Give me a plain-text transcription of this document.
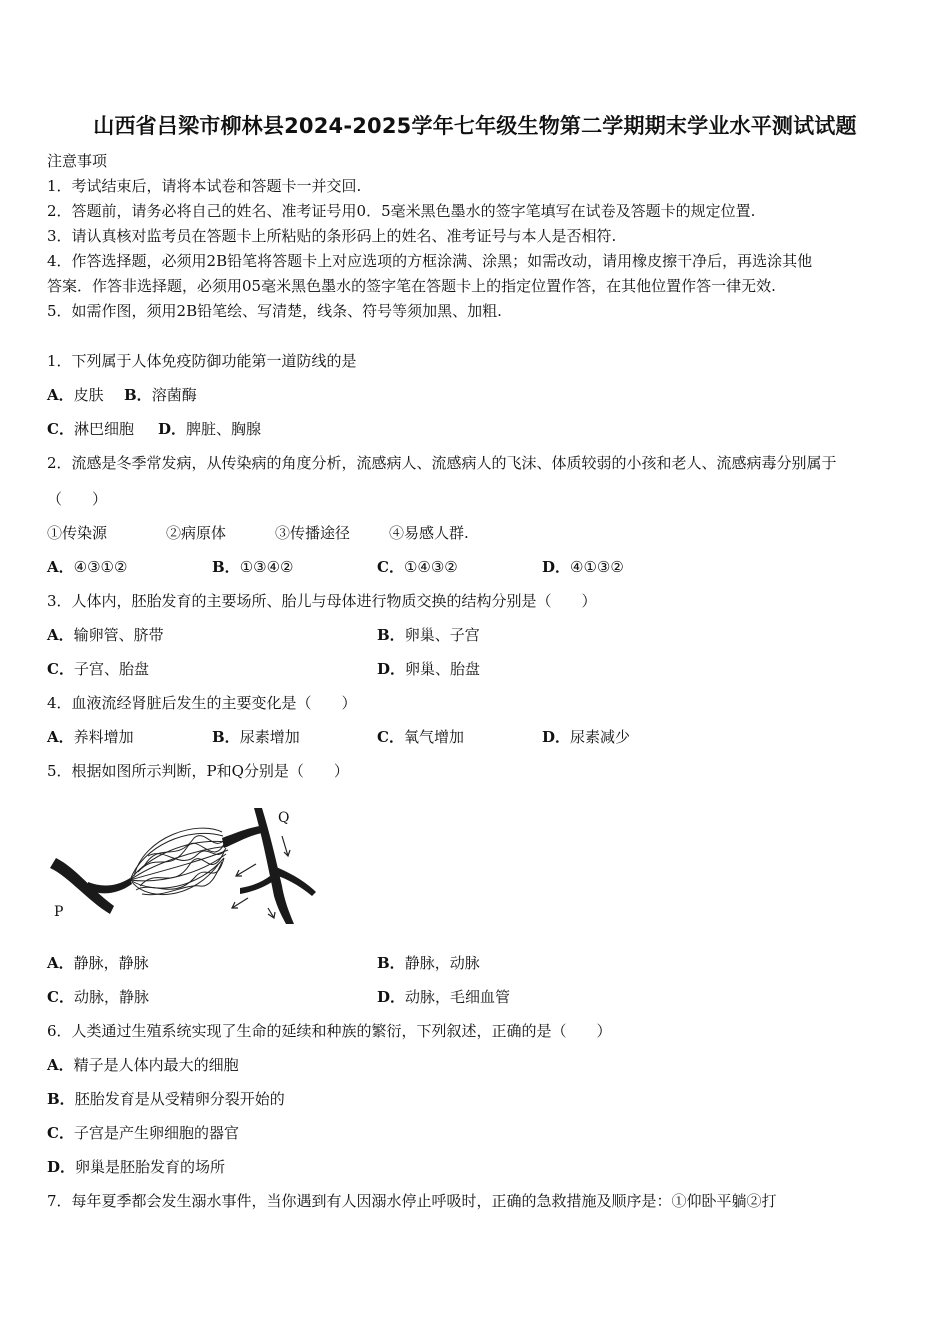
山西省吕梁市柳林县2024-2025学年七年级生物第二学期期末学业水平测试试题
注意事项
1．考试结束后，请将本试卷和答题卡一并交回.
2．答题前，请务必将自己的姓名、准考证号用0．5毫米黑色墨水的签字笔填写在试卷及答题卡的规定位置.
3．请认真核对监考员在答题卡上所粘贴的条形码上的姓名、准考证号与本人是否相符.
4．作答选择题，必须用2B铅笔将答题卡上对应选项的方框涂满、涂黑；如需改动，请用橡皮擦干净后，再选涂其他
答案．作答非选择题，必须用05毫米黑色墨水的签字笔在答题卡上的指定位置作答，在其他位置作答一律无效.
5．如需作图，须用2B铅笔绘、写清楚，线条、符号等须加黑、加粗.
1．下列属于人体免疫防御功能第一道防线的是
A．皮肤 B．溶菌酶
C．淋巴细胞 D．脾脏、胸腺
2．流感是冬季常发病，从传染病的角度分析，流感病人、流感病人的飞沫、体质较弱的小孩和老人、流感病毒分别属于
（　　）
①传染源	②病原体	③传播途径	④易感人群.
A．④③①②	B．①③④②	C．①④③②	D．④①③②
3．人体内，胚胎发育的主要场所、胎儿与母体进行物质交换的结构分别是（　　）
A．输卵管、脐带	B．卵巢、子宫
C．子宫、胎盘	D．卵巢、胎盘
4．血液流经肾脏后发生的主要变化是（　　）
A．养料增加	B．尿素增加	C．氧气增加	D．尿素减少
5．根据如图所示判断，P和Q分别是（　　）
P
Q
A．静脉，静脉	B．静脉，动脉
C．动脉，静脉	D．动脉，毛细血管
6．人类通过生殖系统实现了生命的延续和种族的繁衍，下列叙述，正确的是（　　）
A．精子是人体内最大的细胞
B．胚胎发育是从受精卵分裂开始的
C．子宫是产生卵细胞的器官
D．卵巢是胚胎发育的场所
7．每年夏季都会发生溺水事件，当你遇到有人因溺水停止呼吸时，正确的急救措施及顺序是：①仰卧平躺②打
